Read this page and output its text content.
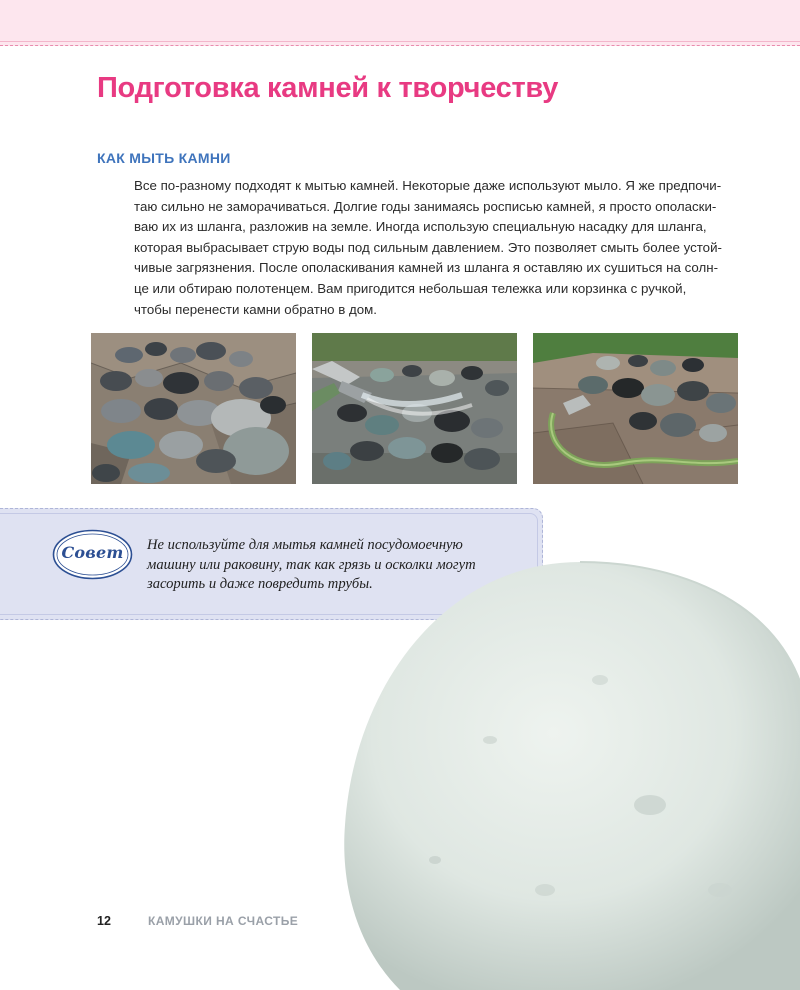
Подготовка камней к творчеству
КАК МЫТЬ КАМНИ

Все по-разному подходят к мытью камней. Некоторые даже используют мыло. Я же предпочи-
таю сильно не заморачиваться. Долгие годы занимаясь росписью камней, я просто ополаски-
ваю их из шланга, разложив на земле. Иногда использую специальную насадку для шланга,
которая выбрасывает струю воды под сильным давлением. Это позволяет смыть более устой-
чивые загрязнения. После ополаскивания камней из шланга я оставляю их сушиться на солн-
це или обтираю полотенцем. Вам пригодится небольшая тележка или корзинка с ручкой,
чтобы перенести камни обратно в дом.

Совет	Не используйте для мытья камней посудомоечную
машину или раковину, так как грязь и осколки могут
засорить и даже повредить трубы.

12	КАМУШКИ НА СЧАСТЬЕ
